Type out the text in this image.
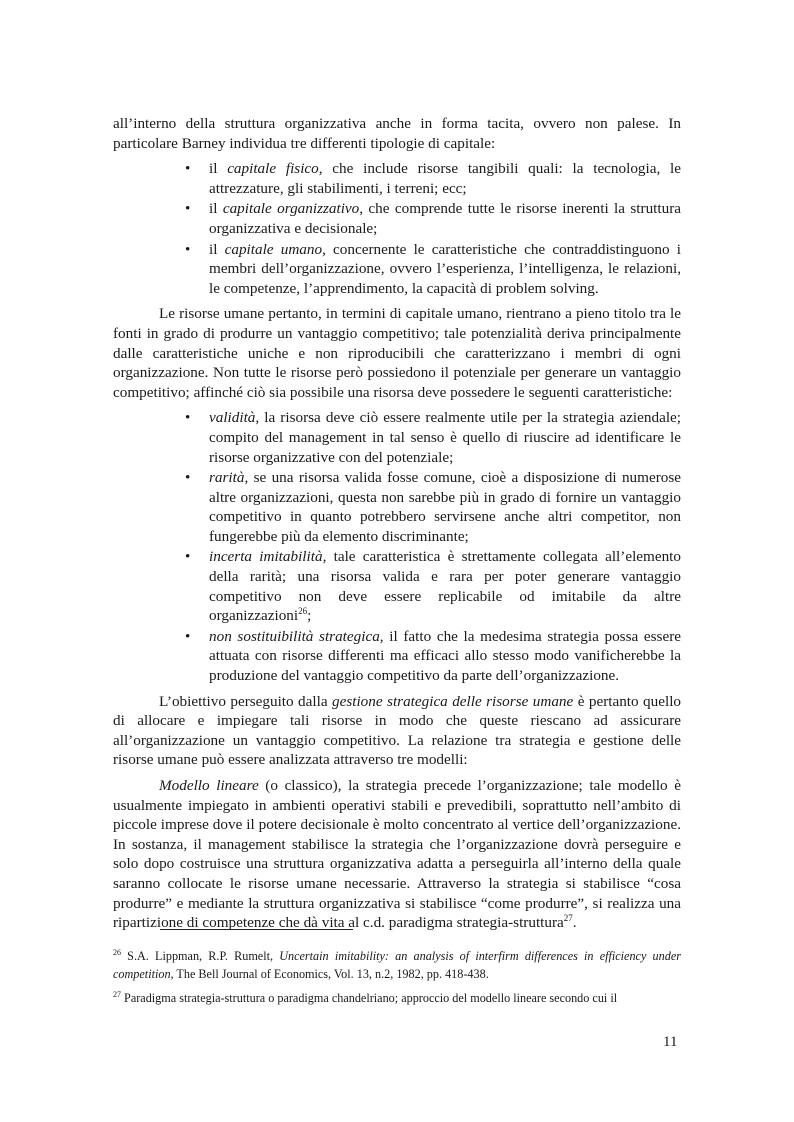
all’interno della struttura organizzativa anche in forma tacita, ovvero non palese. In particolare Barney individua tre differenti tipologie di capitale:

• il capitale fisico, che include risorse tangibili quali: la tecnologia, le attrezzature, gli stabilimenti, i terreni; ecc;
• il capitale organizzativo, che comprende tutte le risorse inerenti la struttura organizzativa e decisionale;
• il capitale umano, concernente le caratteristiche che contraddistinguono i membri dell’organizzazione, ovvero l’esperienza, l’intelligenza, le relazioni, le competenze, l’apprendimento, la capacità di problem solving.

Le risorse umane pertanto, in termini di capitale umano, rientrano a pieno titolo tra le fonti in grado di produrre un vantaggio competitivo; tale potenzialità deriva principalmente dalle caratteristiche uniche e non riproducibili che caratterizzano i membri di ogni organizzazione. Non tutte le risorse però possiedono il potenziale per generare un vantaggio competitivo; affinché ciò sia possibile una risorsa deve possedere le seguenti caratteristiche:

• validità, la risorsa deve ciò essere realmente utile per la strategia aziendale; compito del management in tal senso è quello di riuscire ad identificare le risorse organizzative con del potenziale;
• rarità, se una risorsa valida fosse comune, cioè a disposizione di numerose altre organizzazioni, questa non sarebbe più in grado di fornire un vantaggio competitivo in quanto potrebbero servirsene anche altri competitor, non fungerebbe più da elemento discriminante;
• incerta imitabilità, tale caratteristica è strettamente collegata all’elemento della rarità; una risorsa valida e rara per poter generare vantaggio competitivo non deve essere replicabile od imitabile da altre organizzazioni$^{26}$;
• non sostituibilità strategica, il fatto che la medesima strategia possa essere attuata con risorse differenti ma efficaci allo stesso modo vanificherebbe la produzione del vantaggio competitivo da parte dell’organizzazione.

L’obiettivo perseguito dalla gestione strategica delle risorse umane è pertanto quello di allocare e impiegare tali risorse in modo che queste riescano ad assicurare all’organizzazione un vantaggio competitivo. La relazione tra strategia e gestione delle risorse umane può essere analizzata attraverso tre modelli:

Modello lineare (o classico), la strategia precede l’organizzazione; tale modello è usualmente impiegato in ambienti operativi stabili e prevedibili, soprattutto nell’ambito di piccole imprese dove il potere decisionale è molto concentrato al vertice dell’organizzazione. In sostanza, il management stabilisce la strategia che l’organizzazione dovrà perseguire e solo dopo costruisce una struttura organizzativa adatta a perseguirla all’interno della quale saranno collocate le risorse umane necessarie. Attraverso la strategia si stabilisce “cosa produrre” e mediante la struttura organizzativa si stabilisce “come produrre”, si realizza una ripartizione di competenze che dà vita al c.d. paradigma strategia-struttura$^{27}$.

$^{26}$ S.A. Lippman, R.P. Rumelt, Uncertain imitability: an analysis of interfirm differences in efficiency under competition, The Bell Journal of Economics, Vol. 13, n.2, 1982, pp. 418-438.

$^{27}$ Paradigma strategia-struttura o paradigma chandelriano; approccio del modello lineare secondo cui il

11
